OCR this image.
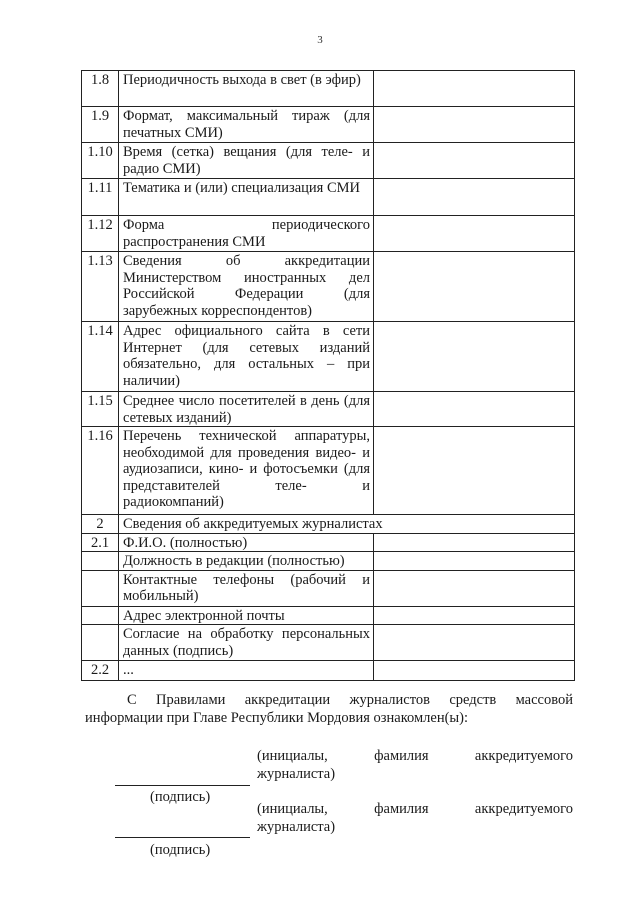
3
1.8	Периодичность выхода в свет (в эфир)	
1.9	Формат, максимальный тираж (для печатных СМИ)	
1.10	Время (сетка) вещания (для теле- и радио СМИ)	
1.11	Тематика и (или) специализация СМИ	
1.12	Форма периодического распространения СМИ	
1.13	Сведения об аккредитации Министерством иностранных дел Российской Федерации (для зарубежных корреспондентов)	
1.14	Адрес официального сайта в сети Интернет (для сетевых изданий обязательно, для остальных – при наличии)	
1.15	Среднее число посетителей в день (для сетевых изданий)	
1.16	Перечень технической аппаратуры, необходимой для проведения видео- и аудиозаписи, кино- и фотосъемки (для представителей теле- и радиокомпаний)	
2	Сведения об аккредитуемых журналистах	
2.1	Ф.И.О. (полностью)	
	Должность в редакции (полностью)	
	Контактные телефоны (рабочий и мобильный)	
	Адрес электронной почты	
	Согласие на обработку персональных данных (подпись)	
2.2	...	
С Правилами аккредитации журналистов средств массовой информации при Главе Республики Мордовия ознакомлен(ы):
(инициалы,	фамилия	аккредитуемого
журналиста)
(подпись)
(инициалы,	фамилия	аккредитуемого
журналиста)
(подпись)
